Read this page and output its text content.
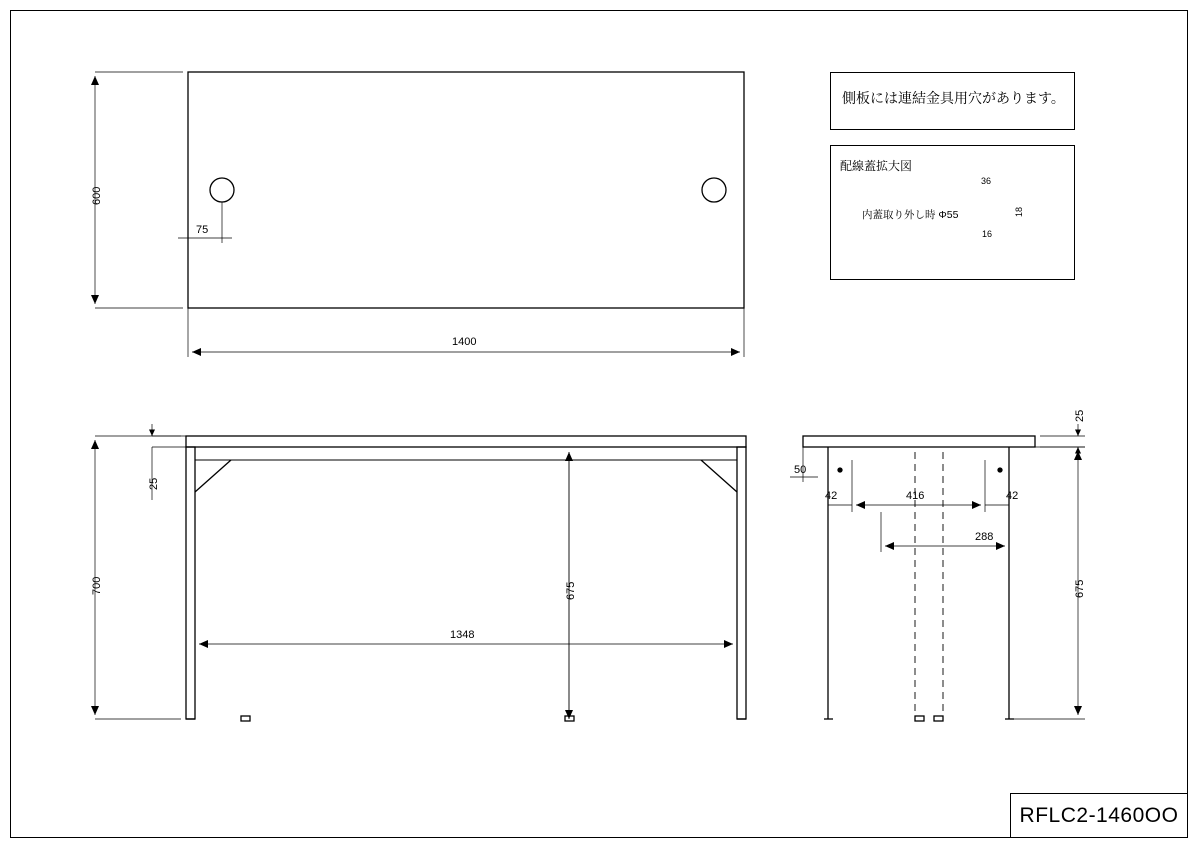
600
1400
75
700
25
675
1348
25
675
50
42	416	42
288
側板には連結金具用穴があります。
配線蓋拡大図
内蓋取り外し時 Φ55
36
16
18
RFLC2-1460OO
